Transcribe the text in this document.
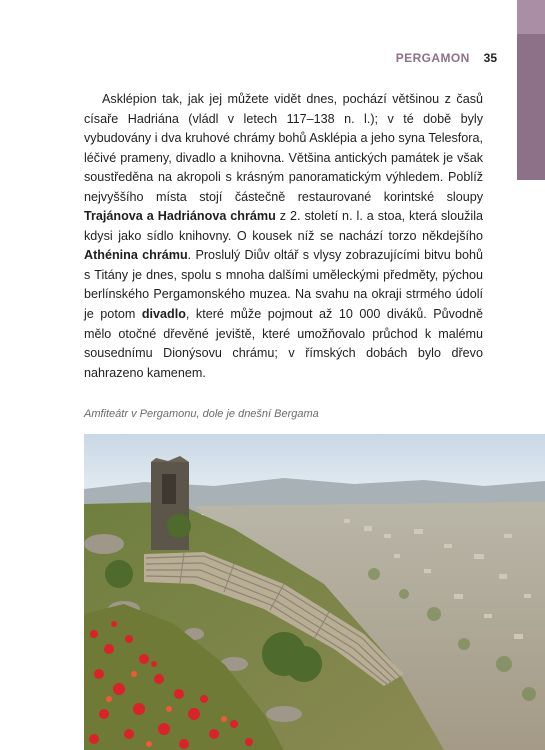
PERGAMON 35

Asklépion tak, jak jej můžete vidět dnes, pochází většinou z časů císaře Hadriána (vládl v letech 117–138 n. l.); v té době byly vybudovány i dva kruhové chrámy bohů Asklépia a jeho syna Telesfora, léčivé prameny, divadlo a knihovna. Většina antických památek je však soustředěna na akropoli s krásným panoramatickým výhledem. Poblíž nejvyššího místa stojí částečně restaurované korintské sloupy Trajánova a Hadriánova chrámu z 2. století n. l. a stoa, která sloužila kdysi jako sídlo knihovny. O kousek níž se nachází torzo někdejšího Athénina chrámu. Proslulý Diův oltář s vlysy zobrazujícími bitvu bohů s Titány je dnes, spolu s mnoha dalšími uměleckými předměty, pýchou berlínského Pergamonského muzea. Na svahu na okraji strmého údolí je potom divadlo, které může pojmout až 10 000 diváků. Původně mělo otočné dřevěné jeviště, které umožňovalo průchod k malému sousednímu Dionýsovu chrámu; v římských dobách bylo dřevo nahrazeno kamenem.

Amfiteátr v Pergamonu, dole je dnešní Bergama
